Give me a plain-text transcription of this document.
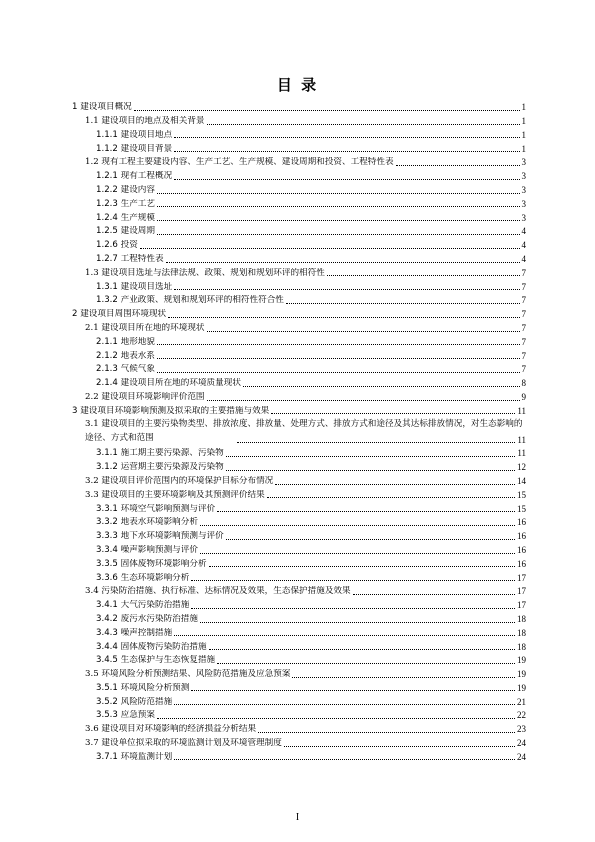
目 录
1 建设项目概况	1
1.1 建设项目的地点及相关背景	1
1.1.1 建设项目地点	1
1.1.2 建设项目背景	1
1.2 现有工程主要建设内容、生产工艺、生产规模、建设周期和投资、工程特性表	3
1.2.1 现有工程概况	3
1.2.2 建设内容	3
1.2.3 生产工艺	3
1.2.4 生产规模	3
1.2.5 建设周期	4
1.2.6 投资	4
1.2.7 工程特性表	4
1.3 建设项目选址与法律法规、政策、规划和规划环评的相符性	7
1.3.1 建设项目选址	7
1.3.2 产业政策、规划和规划环评的相符性符合性	7
2 建设项目周围环境现状	7
2.1 建设项目所在地的环境现状	7
2.1.1 地形地貌	7
2.1.2 地表水系	7
2.1.3 气候气象	7
2.1.4 建设项目所在地的环境质量现状	8
2.2 建设项目环境影响评价范围	9
3 建设项目环境影响预测及拟采取的主要措施与效果	11
3.1 建设项目的主要污染物类型、排放浓度、排放量、处理方式、排放方式和途径及其达标排放情况，对生态影响的途径、方式和范围	11
3.1.1 施工期主要污染源、污染物	11
3.1.2 运营期主要污染源及污染物	12
3.2 建设项目评价范围内的环境保护目标分布情况	14
3.3 建设项目的主要环境影响及其预测评价结果	15
3.3.1 环境空气影响预测与评价	15
3.3.2 地表水环境影响分析	16
3.3.3 地下水环境影响预测与评价	16
3.3.4 噪声影响预测与评价	16
3.3.5 固体废物环境影响分析	16
3.3.6 生态环境影响分析	17
3.4 污染防治措施、执行标准、达标情况及效果，生态保护措施及效果	17
3.4.1 大气污染防治措施	17
3.4.2 废污水污染防治措施	18
3.4.3 噪声控制措施	18
3.4.4 固体废物污染防治措施	18
3.4.5 生态保护与生态恢复措施	19
3.5 环境风险分析预测结果、风险防范措施及应急预案	19
3.5.1 环境风险分析预测	19
3.5.2 风险防范措施	21
3.5.3 应急预案	22
3.6 建设项目对环境影响的经济损益分析结果	23
3.7 建设单位拟采取的环境监测计划及环境管理制度	24
3.7.1 环境监测计划	24
I
